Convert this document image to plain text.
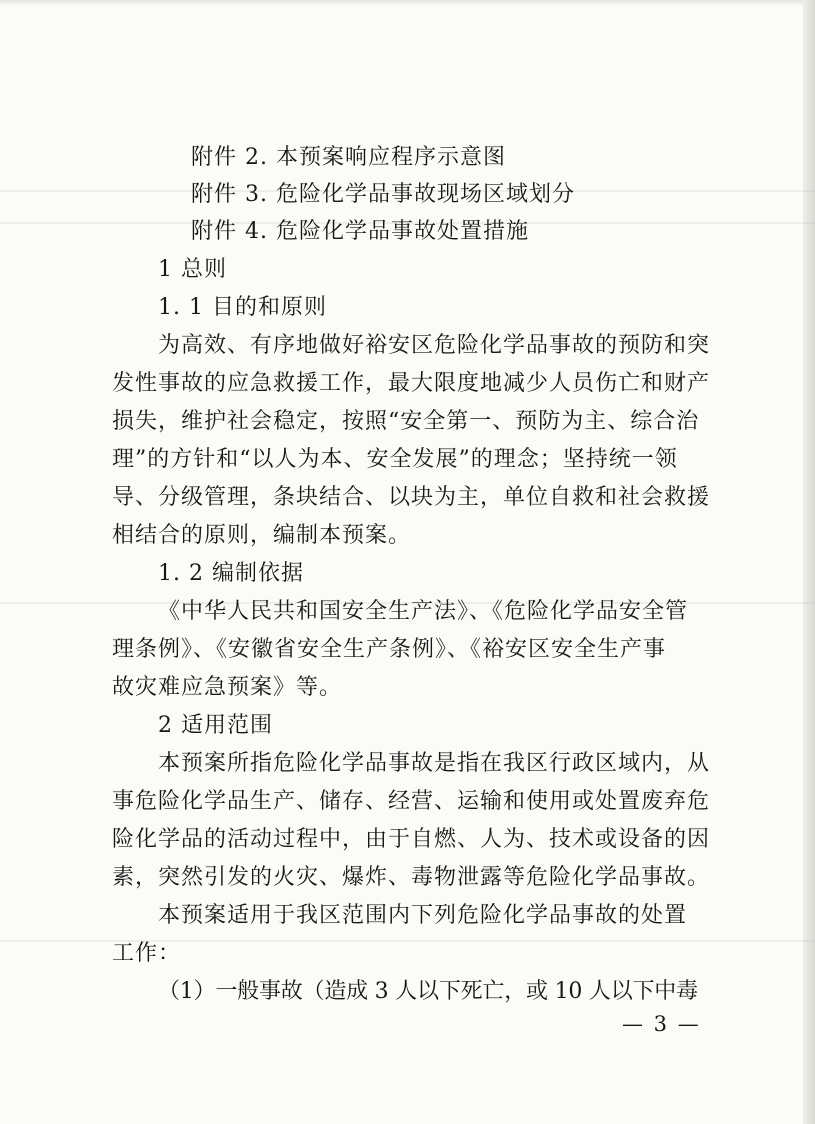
附件 2. 本预案响应程序示意图
附件 3. 危险化学品事故现场区域划分
附件 4. 危险化学品事故处置措施
1 总则
1. 1 目的和原则
为高效、有序地做好裕安区危险化学品事故的预防和突
发性事故的应急救援工作，最大限度地减少人员伤亡和财产
损失，维护社会稳定，按照“安全第一、预防为主、综合治
理”的方针和“以人为本、安全发展”的理念；坚持统一领
导、分级管理，条块结合、以块为主，单位自救和社会救援
相结合的原则，编制本预案。
1. 2 编制依据
《中华人民共和国安全生产法》、《危险化学品安全管
理条例》、《安徽省安全生产条例》、《裕安区安全生产事
故灾难应急预案》等。
2 适用范围
本预案所指危险化学品事故是指在我区行政区域内，从
事危险化学品生产、储存、经营、运输和使用或处置废弃危
险化学品的活动过程中，由于自燃、人为、技术或设备的因
素，突然引发的火灾、爆炸、毒物泄露等危险化学品事故。
本预案适用于我区范围内下列危险化学品事故的处置
工作：
（1）一般事故（造成 3 人以下死亡，或 10 人以下中毒
— 3 —
